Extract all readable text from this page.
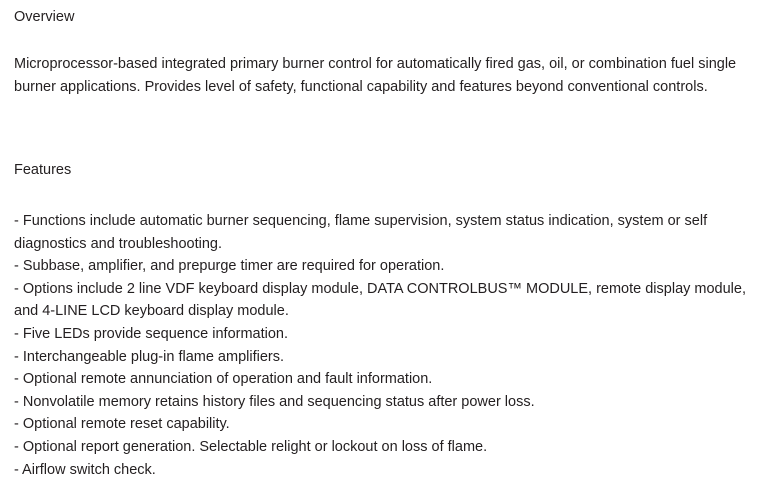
Overview
Microprocessor-based integrated primary burner control for automatically fired gas, oil, or combination fuel single burner applications. Provides level of safety, functional capability and features beyond conventional controls.
Features
- Functions include automatic burner sequencing, flame supervision, system status indication, system or self diagnostics and troubleshooting.
- Subbase, amplifier, and prepurge timer are required for operation.
- Options include 2 line VDF keyboard display module, DATA CONTROLBUS™ MODULE, remote display module, and 4-LINE LCD keyboard display module.
- Five LEDs provide sequence information.
- Interchangeable plug-in flame amplifiers.
- Optional remote annunciation of operation and fault information.
- Nonvolatile memory retains history files and sequencing status after power loss.
- Optional remote reset capability.
- Optional report generation. Selectable relight or lockout on loss of flame.
- Airflow switch check.
